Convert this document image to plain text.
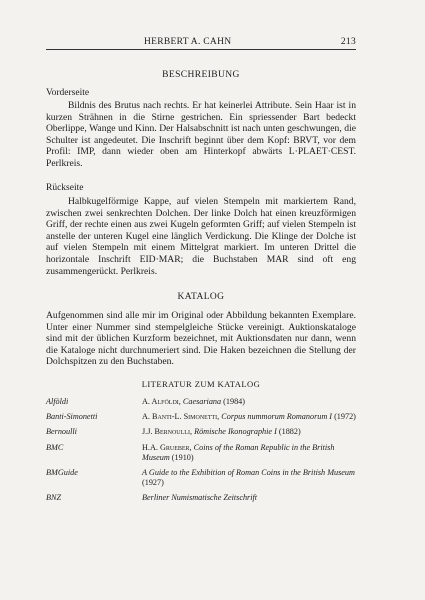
HERBERT A. CAHN	213
BESCHREIBUNG
Vorderseite

Bildnis des Brutus nach rechts. Er hat keinerlei Attribute. Sein Haar ist in kurzen Strähnen in die Stirne gestrichen. Ein spriessender Bart bedeckt Oberlippe, Wange und Kinn. Der Halsabschnitt ist nach unten geschwungen, die Schulter ist angedeutet. Die Inschrift beginnt über dem Kopf: BRVT, vor dem Profil: IMP, dann wieder oben am Hinterkopf abwärts L·PLAET·CEST. Perlkreis.

Rückseite

Halbkugelförmige Kappe, auf vielen Stempeln mit markiertem Rand, zwischen zwei senkrechten Dolchen. Der linke Dolch hat einen kreuzförmigen Griff, der rechte einen aus zwei Kugeln geformten Griff; auf vielen Stempeln ist anstelle der unteren Kugel eine länglich Verdickung. Die Klinge der Dolche ist auf vielen Stempeln mit einem Mittelgrat markiert. Im unteren Drittel die horizontale Inschrift EID·MAR; die Buchstaben MAR sind oft eng zusammengerückt. Perlkreis.

KATALOG

Aufgenommen sind alle mir im Original oder Abbildung bekannten Exemplare. Unter einer Nummer sind stempelgleiche Stücke vereinigt. Auktionskataloge sind mit der üblichen Kurzform bezeichnet, mit Auktionsdaten nur dann, wenn die Kataloge nicht durchnumeriert sind. Die Haken bezeichnen die Stellung der Dolchspitzen zu den Buchstaben.

LITERATUR ZUM KATALOG
Alföldi	A. Alföldi, Caesariana (1984)
Banti-Simonetti	A. Banti-L. Simonetti, Corpus nummorum Romanorum I (1972)
Bernoulli	J.J. Bernoulli, Römische Ikonographie I (1882)
BMC	H.A. Grueber, Coins of the Roman Republic in the British Museum (1910)
BMGuide	A Guide to the Exhibition of Roman Coins in the British Museum (1927)
BNZ	Berliner Numismatische Zeitschrift
